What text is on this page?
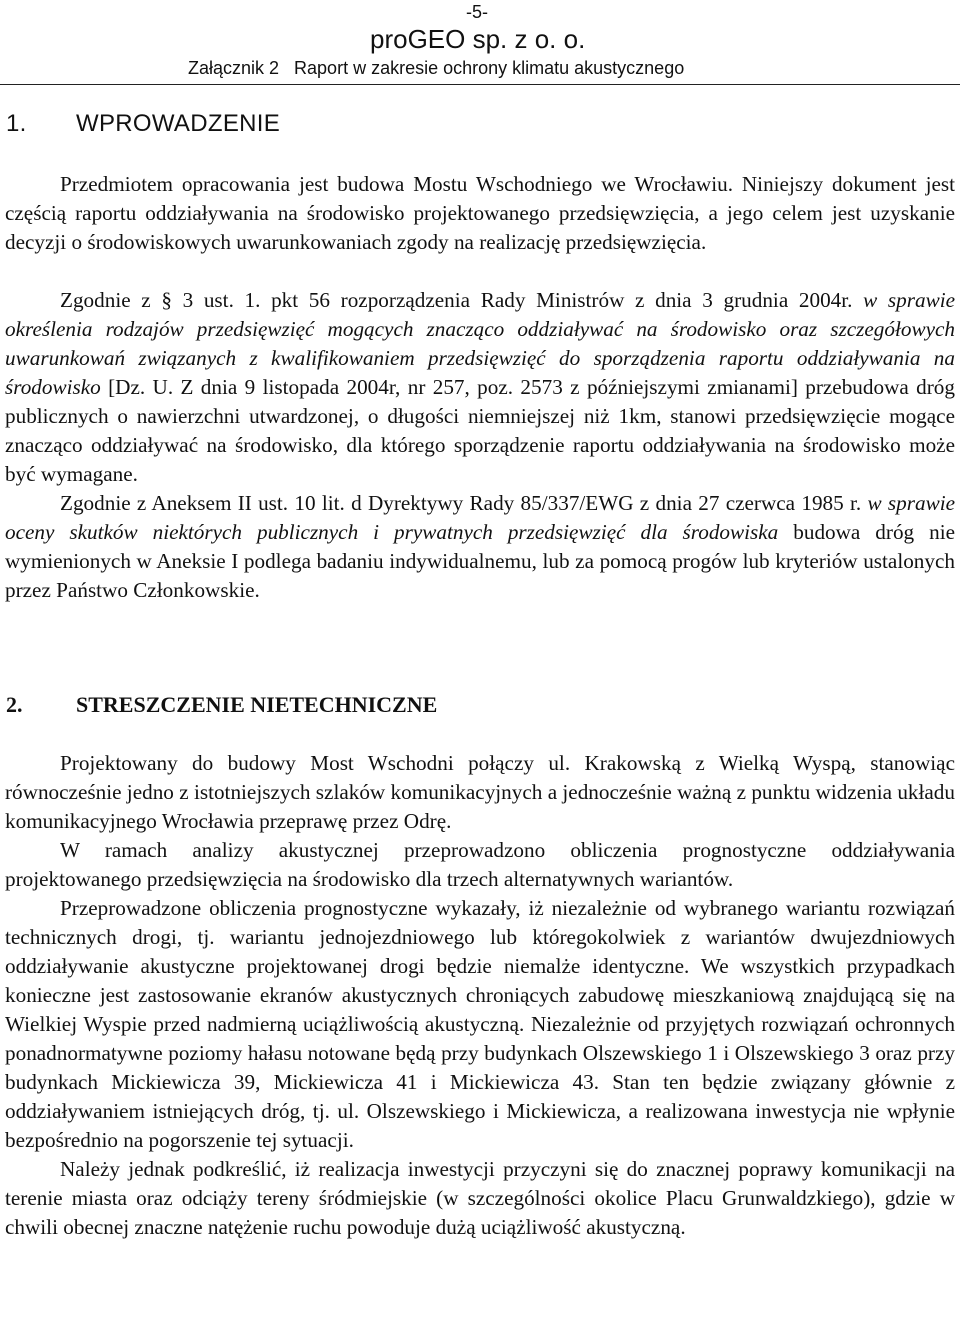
-5-
proGEO sp. z o. o.
Załącznik 2   Raport w zakresie ochrony klimatu akustycznego
1. WPROWADZENIE

Przedmiotem opracowania jest budowa Mostu Wschodniego we Wrocławiu. Niniejszy dokument jest częścią raportu oddziaływania na środowisko projektowanego przedsięwzięcia, a jego celem jest uzyskanie decyzji o środowiskowych uwarunkowaniach zgody na realizację przedsięwzięcia.

Zgodnie z § 3 ust. 1. pkt 56 rozporządzenia Rady Ministrów z dnia 3 grudnia 2004r. w sprawie określenia rodzajów przedsięwzięć mogących znacząco oddziaływać na środowisko oraz szczegółowych uwarunkowań związanych z kwalifikowaniem przedsięwzięć do sporządzenia raportu oddziaływania na środowisko [Dz. U. Z dnia 9 listopada 2004r, nr 257, poz. 2573 z późniejszymi zmianami] przebudowa dróg publicznych o nawierzchni utwardzonej, o długości niemniejszej niż 1km, stanowi przedsięwzięcie mogące znacząco oddziaływać na środowisko, dla którego sporządzenie raportu oddziaływania na środowisko może być wymagane.

Zgodnie z Aneksem II ust. 10 lit. d Dyrektywy Rady 85/337/EWG z dnia 27 czerwca 1985 r. w sprawie oceny skutków niektórych publicznych i prywatnych przedsięwzięć dla środowiska budowa dróg nie wymienionych w Aneksie I podlega badaniu indywidualnemu, lub za pomocą progów lub kryteriów ustalonych przez Państwo Członkowskie.

2. STRESZCZENIE NIETECHNICZNE

Projektowany do budowy Most Wschodni połączy ul. Krakowską z Wielką Wyspą, stanowiąc równocześnie jedno z istotniejszych szlaków komunikacyjnych a jednocześnie ważną z punktu widzenia układu komunikacyjnego Wrocławia przeprawę przez Odrę.

W ramach analizy akustycznej przeprowadzono obliczenia prognostyczne oddziaływania projektowanego przedsięwzięcia na środowisko dla trzech alternatywnych wariantów.

Przeprowadzone obliczenia prognostyczne wykazały, iż niezależnie od wybranego wariantu rozwiązań technicznych drogi, tj. wariantu jednojezdniowego lub któregokolwiek z wariantów dwujezdniowych oddziaływanie akustyczne projektowanej drogi będzie niemalże identyczne. We wszystkich przypadkach konieczne jest zastosowanie ekranów akustycznych chroniących zabudowę mieszkaniową znajdującą się na Wielkiej Wyspie przed nadmierną uciążliwością akustyczną. Niezależnie od przyjętych rozwiązań ochronnych ponadnormatywne poziomy hałasu notowane będą przy budynkach Olszewskiego 1 i Olszewskiego 3 oraz przy budynkach Mickiewicza 39, Mickiewicza 41 i Mickiewicza 43. Stan ten będzie związany głównie z oddziaływaniem istniejących dróg, tj. ul. Olszewskiego i Mickiewicza, a realizowana inwestycja nie wpłynie bezpośrednio na pogorszenie tej sytuacji.

Należy jednak podkreślić, iż realizacja inwestycji przyczyni się do znacznej poprawy komunikacji na terenie miasta oraz odciąży tereny śródmiejskie (w szczególności okolice Placu Grunwaldzkiego), gdzie w chwili obecnej znaczne natężenie ruchu powoduje dużą uciążliwość akustyczną.
